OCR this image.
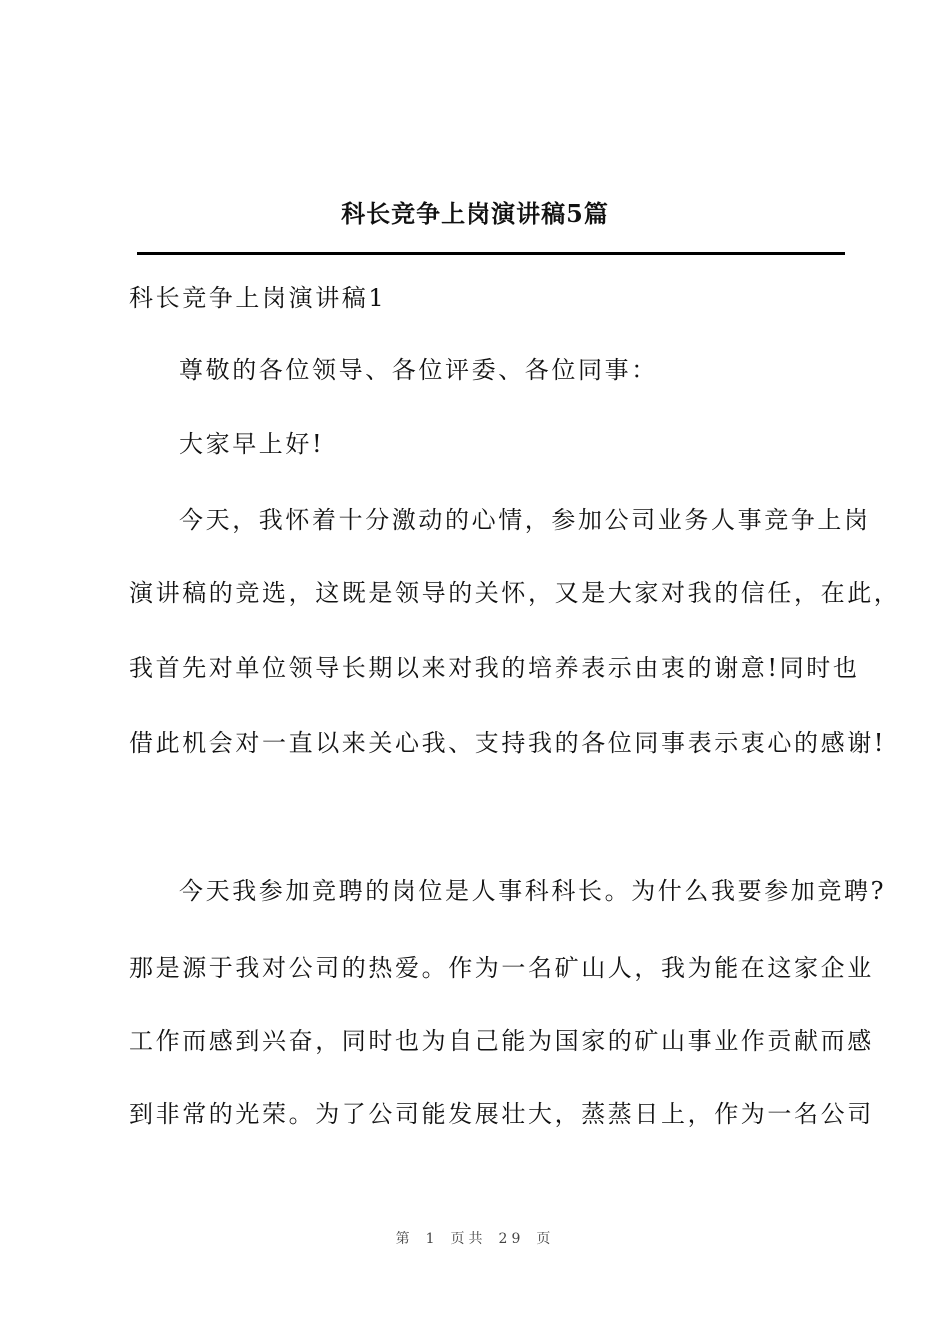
科长竞争上岗演讲稿5篇
科长竞争上岗演讲稿1
尊敬的各位领导、各位评委、各位同事：
大家早上好!
今天，我怀着十分激动的心情，参加公司业务人事竞争上岗
演讲稿的竞选，这既是领导的关怀，又是大家对我的信任，在此，
我首先对单位领导长期以来对我的培养表示由衷的谢意!同时也
借此机会对一直以来关心我、支持我的各位同事表示衷心的感谢!
今天我参加竞聘的岗位是人事科科长。为什么我要参加竞聘?
那是源于我对公司的热爱。作为一名矿山人，我为能在这家企业
工作而感到兴奋，同时也为自己能为国家的矿山事业作贡献而感
到非常的光荣。为了公司能发展壮大，蒸蒸日上，作为一名公司
第 1 页共 29 页
